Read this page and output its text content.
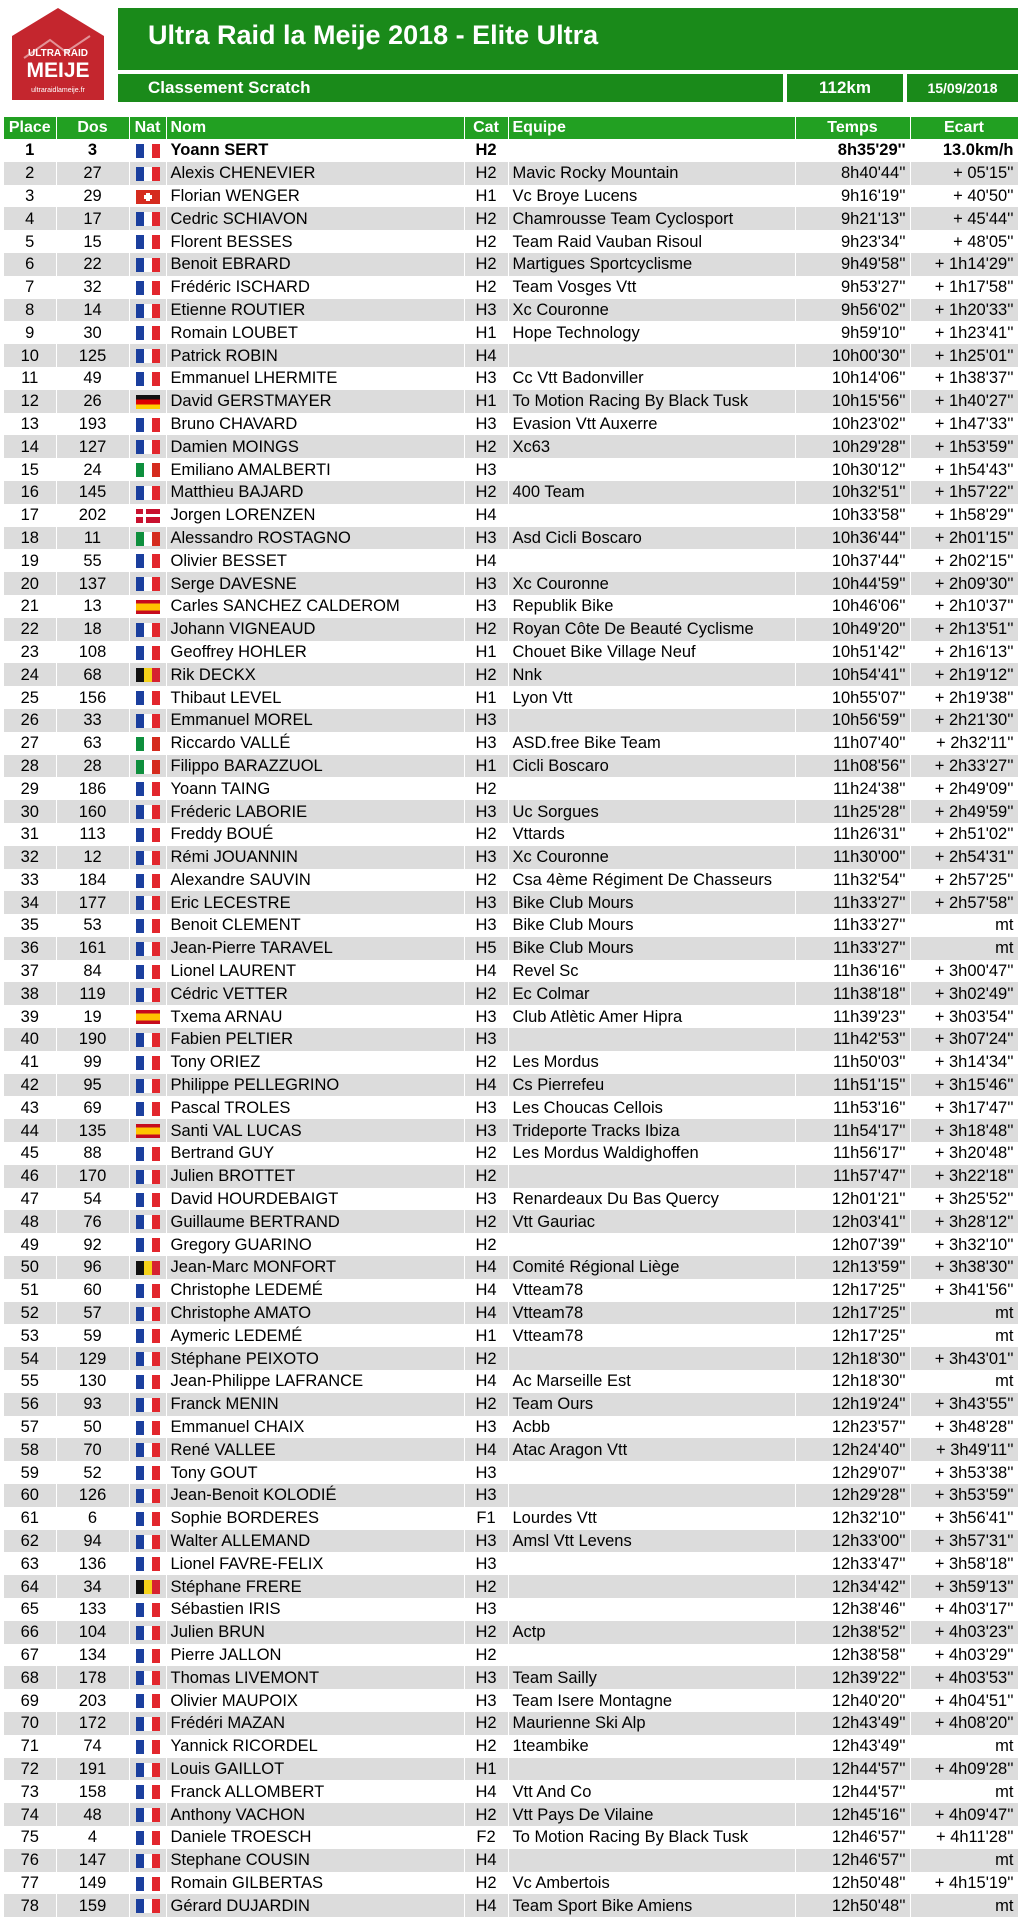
ULTRA RAID
MEIJE
ultraraidlameije.fr
Ultra Raid la Meije 2018 - Elite Ultra
Classement Scratch	112km	15/09/2018
Place	Dos	Nat	Nom	Cat	Equipe	Temps	Ecart
1	3		Yoann SERT	H2		8h35'29''	13.0km/h
2	27		Alexis CHENEVIER	H2	Mavic Rocky Mountain	8h40'44''	+ 05'15''
3	29		Florian WENGER	H1	Vc Broye Lucens	9h16'19''	+ 40'50''
4	17		Cedric SCHIAVON	H2	Chamrousse Team Cyclosport	9h21'13''	+ 45'44''
5	15		Florent BESSES	H2	Team Raid Vauban Risoul	9h23'34''	+ 48'05''
6	22		Benoit EBRARD	H2	Martigues Sportcyclisme	9h49'58''	+ 1h14'29''
7	32		Frédéric ISCHARD	H2	Team Vosges Vtt	9h53'27''	+ 1h17'58''
8	14		Etienne ROUTIER	H3	Xc Couronne	9h56'02''	+ 1h20'33''
9	30		Romain LOUBET	H1	Hope Technology	9h59'10''	+ 1h23'41''
10	125		Patrick ROBIN	H4		10h00'30''	+ 1h25'01''
11	49		Emmanuel LHERMITE	H3	Cc Vtt Badonviller	10h14'06''	+ 1h38'37''
12	26		David GERSTMAYER	H1	To Motion Racing By Black Tusk	10h15'56''	+ 1h40'27''
13	193		Bruno CHAVARD	H3	Evasion Vtt Auxerre	10h23'02''	+ 1h47'33''
14	127		Damien MOINGS	H2	Xc63	10h29'28''	+ 1h53'59''
15	24		Emiliano AMALBERTI	H3		10h30'12''	+ 1h54'43''
16	145		Matthieu BAJARD	H2	400 Team	10h32'51''	+ 1h57'22''
17	202		Jorgen LORENZEN	H4		10h33'58''	+ 1h58'29''
18	11		Alessandro ROSTAGNO	H3	Asd Cicli Boscaro	10h36'44''	+ 2h01'15''
19	55		Olivier BESSET	H4		10h37'44''	+ 2h02'15''
20	137		Serge DAVESNE	H3	Xc Couronne	10h44'59''	+ 2h09'30''
21	13		Carles SANCHEZ CALDEROM	H3	Republik Bike	10h46'06''	+ 2h10'37''
22	18		Johann VIGNEAUD	H2	Royan Côte De Beauté Cyclisme	10h49'20''	+ 2h13'51''
23	108		Geoffrey HOHLER	H1	Chouet Bike Village Neuf	10h51'42''	+ 2h16'13''
24	68		Rik DECKX	H2	Nnk	10h54'41''	+ 2h19'12''
25	156		Thibaut LEVEL	H1	Lyon Vtt	10h55'07''	+ 2h19'38''
26	33		Emmanuel MOREL	H3		10h56'59''	+ 2h21'30''
27	63		Riccardo VALLÉ	H3	ASD.free Bike Team	11h07'40''	+ 2h32'11''
28	28		Filippo BARAZZUOL	H1	Cicli Boscaro	11h08'56''	+ 2h33'27''
29	186		Yoann TAING	H2		11h24'38''	+ 2h49'09''
30	160		Fréderic LABORIE	H3	Uc Sorgues	11h25'28''	+ 2h49'59''
31	113		Freddy BOUÉ	H2	Vttards	11h26'31''	+ 2h51'02''
32	12		Rémi JOUANNIN	H3	Xc Couronne	11h30'00''	+ 2h54'31''
33	184		Alexandre SAUVIN	H2	Csa 4ème Régiment De Chasseurs	11h32'54''	+ 2h57'25''
34	177		Eric LECESTRE	H3	Bike Club Mours	11h33'27''	+ 2h57'58''
35	53		Benoit CLEMENT	H3	Bike Club Mours	11h33'27''	mt
36	161		Jean-Pierre TARAVEL	H5	Bike Club Mours	11h33'27''	mt
37	84		Lionel LAURENT	H4	Revel Sc	11h36'16''	+ 3h00'47''
38	119		Cédric VETTER	H2	Ec Colmar	11h38'18''	+ 3h02'49''
39	19		Txema ARNAU	H3	Club Atlètic Amer Hipra	11h39'23''	+ 3h03'54''
40	190		Fabien PELTIER	H3		11h42'53''	+ 3h07'24''
41	99		Tony ORIEZ	H2	Les Mordus	11h50'03''	+ 3h14'34''
42	95		Philippe PELLEGRINO	H4	Cs Pierrefeu	11h51'15''	+ 3h15'46''
43	69		Pascal TROLES	H3	Les Choucas Cellois	11h53'16''	+ 3h17'47''
44	135		Santi VAL LUCAS	H3	Trideporte Tracks Ibiza	11h54'17''	+ 3h18'48''
45	88		Bertrand GUY	H2	Les Mordus Waldighoffen	11h56'17''	+ 3h20'48''
46	170		Julien BROTTET	H2		11h57'47''	+ 3h22'18''
47	54		David HOURDEBAIGT	H3	Renardeaux Du Bas Quercy	12h01'21''	+ 3h25'52''
48	76		Guillaume BERTRAND	H2	Vtt Gauriac	12h03'41''	+ 3h28'12''
49	92		Gregory GUARINO	H2		12h07'39''	+ 3h32'10''
50	96		Jean-Marc MONFORT	H4	Comité Régional Liège	12h13'59''	+ 3h38'30''
51	60		Christophe LEDEMÉ	H4	Vtteam78	12h17'25''	+ 3h41'56''
52	57		Christophe AMATO	H4	Vtteam78	12h17'25''	mt
53	59		Aymeric LEDEMÉ	H1	Vtteam78	12h17'25''	mt
54	129		Stéphane PEIXOTO	H2		12h18'30''	+ 3h43'01''
55	130		Jean-Philippe LAFRANCE	H4	Ac Marseille Est	12h18'30''	mt
56	93		Franck MENIN	H2	Team Ours	12h19'24''	+ 3h43'55''
57	50		Emmanuel CHAIX	H3	Acbb	12h23'57''	+ 3h48'28''
58	70		René VALLEE	H4	Atac Aragon Vtt	12h24'40''	+ 3h49'11''
59	52		Tony GOUT	H3		12h29'07''	+ 3h53'38''
60	126		Jean-Benoit KOLODIÉ	H3		12h29'28''	+ 3h53'59''
61	6		Sophie BORDERES	F1	Lourdes Vtt	12h32'10''	+ 3h56'41''
62	94		Walter ALLEMAND	H3	Amsl Vtt Levens	12h33'00''	+ 3h57'31''
63	136		Lionel FAVRE-FELIX	H3		12h33'47''	+ 3h58'18''
64	34		Stéphane FRERE	H2		12h34'42''	+ 3h59'13''
65	133		Sébastien IRIS	H3		12h38'46''	+ 4h03'17''
66	104		Julien BRUN	H2	Actp	12h38'52''	+ 4h03'23''
67	134		Pierre JALLON	H2		12h38'58''	+ 4h03'29''
68	178		Thomas LIVEMONT	H3	Team Sailly	12h39'22''	+ 4h03'53''
69	203		Olivier MAUPOIX	H3	Team Isere Montagne	12h40'20''	+ 4h04'51''
70	172		Frédéri MAZAN	H2	Maurienne Ski Alp	12h43'49''	+ 4h08'20''
71	74		Yannick RICORDEL	H2	1teambike	12h43'49''	mt
72	191		Louis GAILLOT	H1		12h44'57''	+ 4h09'28''
73	158		Franck ALLOMBERT	H4	Vtt And Co	12h44'57''	mt
74	48		Anthony VACHON	H2	Vtt Pays De Vilaine	12h45'16''	+ 4h09'47''
75	4		Daniele TROESCH	F2	To Motion Racing By Black Tusk	12h46'57''	+ 4h11'28''
76	147		Stephane COUSIN	H4		12h46'57''	mt
77	149		Romain GILBERTAS	H2	Vc Ambertois	12h50'48''	+ 4h15'19''
78	159		Gérard DUJARDIN	H4	Team Sport Bike Amiens	12h50'48''	mt
